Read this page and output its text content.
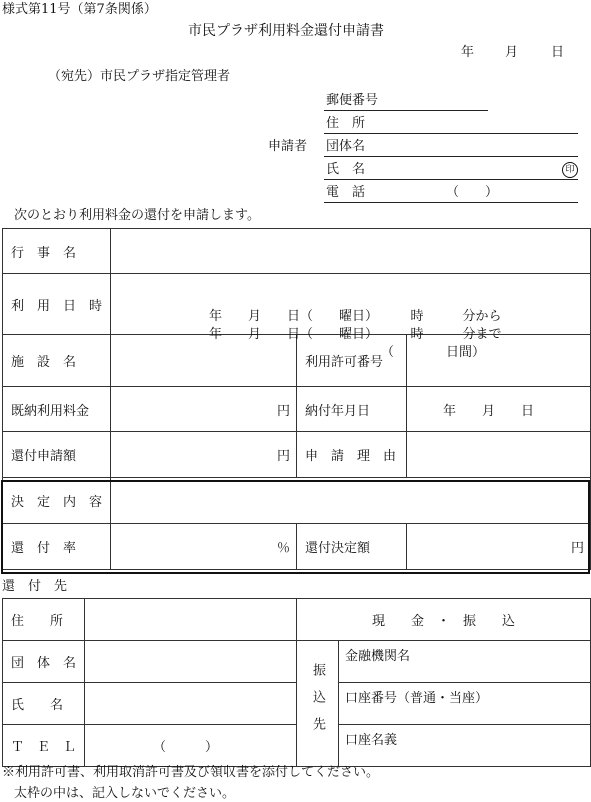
様式第11号（第7条関係）
市民プラザ利用料金還付申請書
年 月	日
（宛先）市民プラザ指定管理者
申請者
郵便番号
住　所
団体名
氏　名	印
電　話	（　　）
次のとおり利用料金の還付を申請します。
行　事　名			
利　用　日　時	年　　月　　日（　　曜日）　　　時　　　分から
年　　月　　日（　　曜日）　　　時　　　分まで
（　　　　日間）		

施　設　名		利用許可番号	
既納利用料金	円	納付年月日	年　　月　　日
還付申請額	円	申　請　理　由	
決　定　内　容			
還　付　率	％	還付決定額	円
還　付　先
住　　所		現　　金　・　振　　込	
団　体　名		振込先	金融機関名
氏　　名			口座番号（普通・当座）
Ｔ　Ｅ　Ｌ	（　　　）		口座名義
※利用許可書、利用取消許可書及び領収書を添付してください。
太枠の中は、記入しないでください。
